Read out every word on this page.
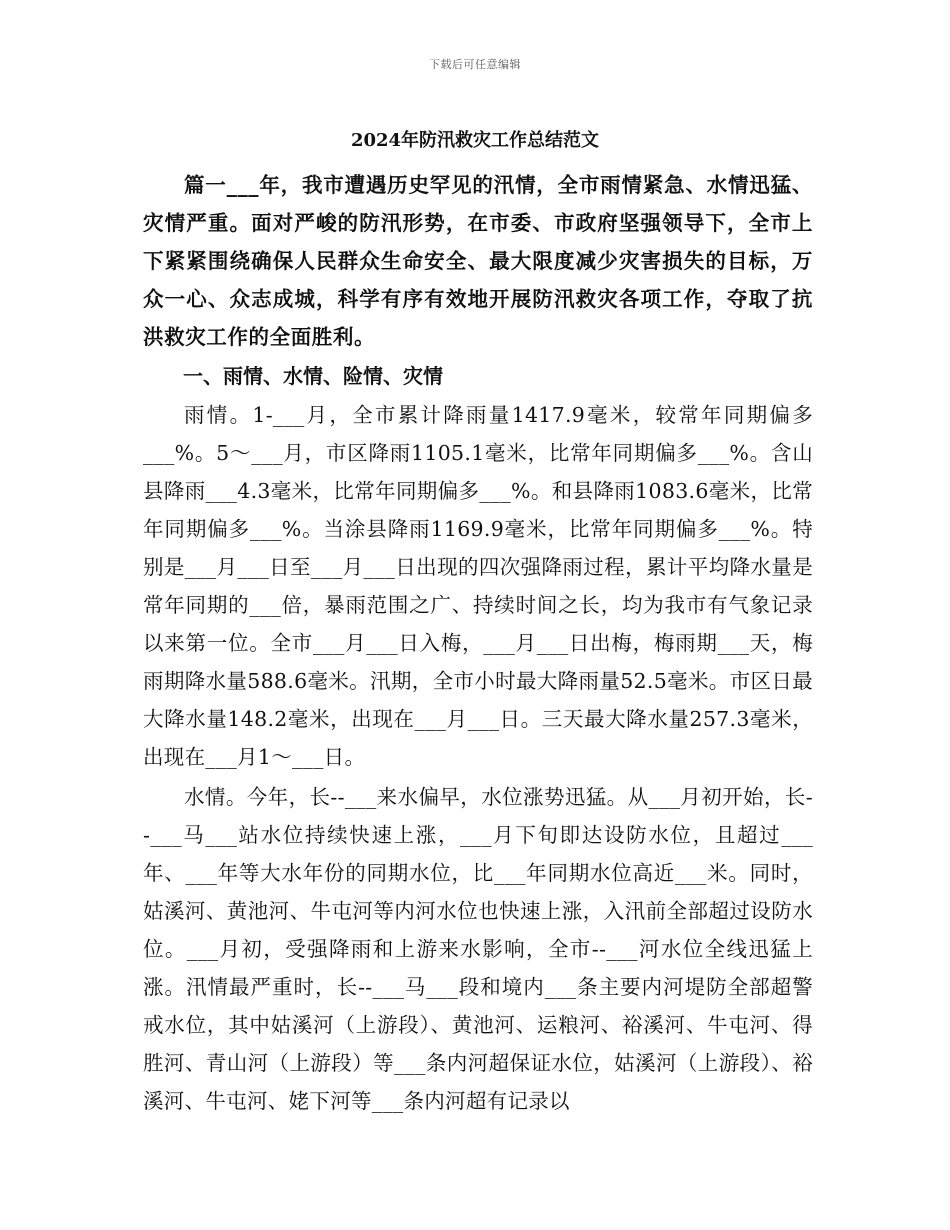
下载后可任意编辑
2024年防汛救灾工作总结范文

篇一___年，我市遭遇历史罕见的汛情，全市雨情紧急、水情迅猛、灾情严重。面对严峻的防汛形势，在市委、市政府坚强领导下，全市上下紧紧围绕确保人民群众生命安全、最大限度减少灾害损失的目标，万众一心、众志成城，科学有序有效地开展防汛救灾各项工作，夺取了抗洪救灾工作的全面胜利。

一、雨情、水情、险情、灾情

雨情。1-___月，全市累计降雨量1417.9毫米，较常年同期偏多___%。5～___月，市区降雨1105.1毫米，比常年同期偏多___%。含山县降雨___4.3毫米，比常年同期偏多___%。和县降雨1083.6毫米，比常年同期偏多___%。当涂县降雨1169.9毫米，比常年同期偏多___%。特别是___月___日至___月___日出现的四次强降雨过程，累计平均降水量是常年同期的___倍，暴雨范围之广、持续时间之长，均为我市有气象记录以来第一位。全市___月___日入梅，___月___日出梅，梅雨期___天，梅雨期降水量588.6毫米。汛期，全市小时最大降雨量52.5毫米。市区日最大降水量148.2毫米，出现在___月___日。三天最大降水量257.3毫米，出现在___月1～___日。

水情。今年，长--___来水偏早，水位涨势迅猛。从___月初开始，长--___马___站水位持续快速上涨，___月下旬即达设防水位，且超过___年、___年等大水年份的同期水位，比___年同期水位高近___米。同时，姑溪河、黄池河、牛屯河等内河水位也快速上涨，入汛前全部超过设防水位。___月初，受强降雨和上游来水影响，全市--___河水位全线迅猛上涨。汛情最严重时，长--___马___段和境内___条主要内河堤防全部超警戒水位，其中姑溪河（上游段）、黄池河、运粮河、裕溪河、牛屯河、得胜河、青山河（上游段）等___条内河超保证水位，姑溪河（上游段）、裕溪河、牛屯河、姥下河等___条内河超有记录以
